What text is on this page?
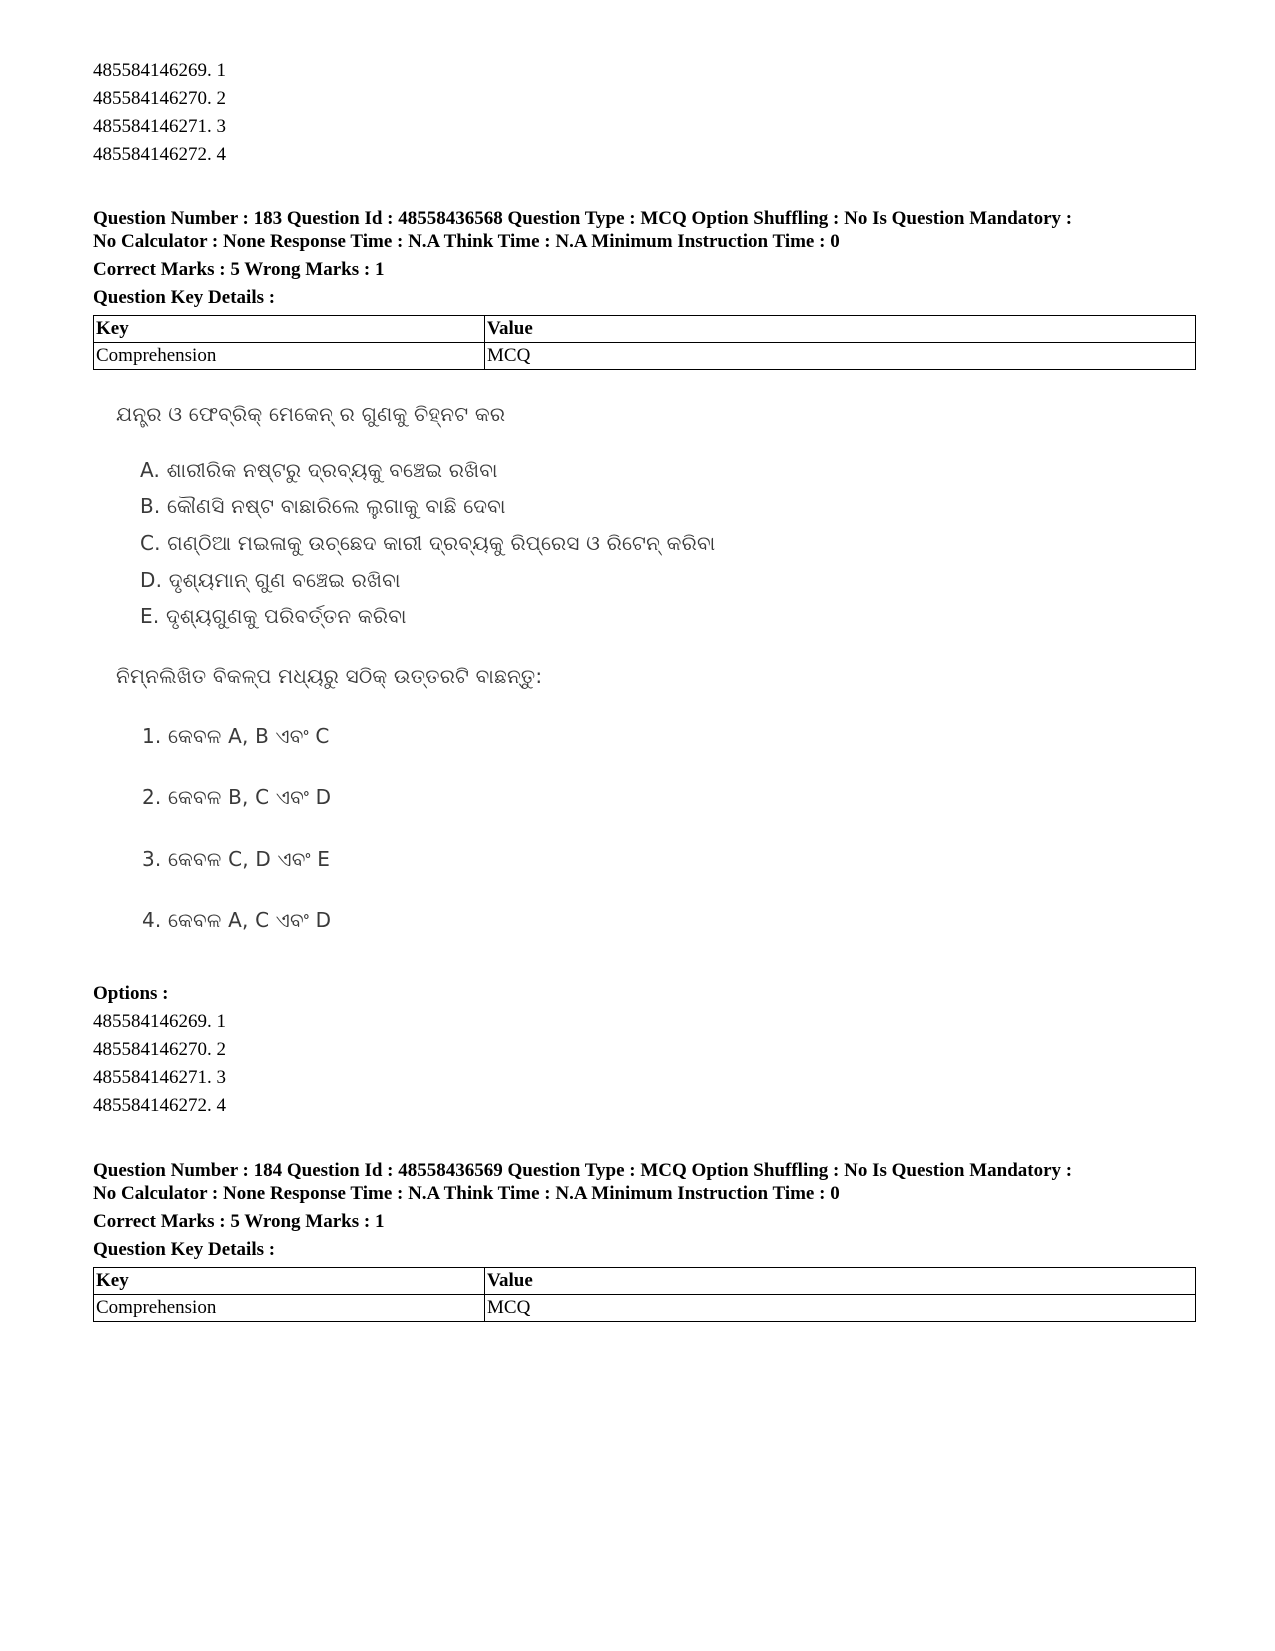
485584146269. 1
485584146270. 2
485584146271. 3
485584146272. 4
Question Number : 183 Question Id : 48558436568 Question Type : MCQ Option Shuffling : No Is Question Mandatory :
No Calculator : None Response Time : N.A Think Time : N.A Minimum Instruction Time : 0
Correct Marks : 5 Wrong Marks : 1
Question Key Details :
Key	Value
Comprehension	MCQ
ଯନ୍ତ୍ର ଓ ଫେବ୍ରିକ୍ ମେକେନ୍ ର ଗୁଣକୁ ଚିହ୍ନଟ କର
A. ଶାରୀରିକ ନଷ୍ଟରୁ ଦ୍ରବ୍ୟକୁ ବଞ୍ଚେଇ ରଖିବା
B. କୌଣସି ନଷ୍ଟ ବାଛାରିଲେ ଲୁଗାକୁ ବାଛି ଦେବା
C. ଗଣ୍ଠିଆ ମଇଳାକୁ ଉଚ୍ଛେଦ କାରୀ ଦ୍ରବ୍ୟକୁ ରିପ୍ରେସ ଓ ରିଟେନ୍ କରିବା
D. ଦୃଶ୍ୟମାନ୍ ଗୁଣ ବଞ୍ଚେଇ ରଖିବା
E. ଦୃଶ୍ୟଗୁଣକୁ ପରିବର୍ତ୍ତନ କରିବା
ନିମ୍ନଲିଖିତ ବିକଳ୍ପ ମଧ୍ୟରୁ ସଠିକ୍ ଉତ୍ତରଟି ବାଛନ୍ତୁ:
1. କେବଳ A, B ଏବଂ C
2. କେବଳ B, C ଏବଂ D
3. କେବଳ C, D ଏବଂ E
4. କେବଳ A, C ଏବଂ D
Options :
485584146269. 1
485584146270. 2
485584146271. 3
485584146272. 4
Question Number : 184 Question Id : 48558436569 Question Type : MCQ Option Shuffling : No Is Question Mandatory :
No Calculator : None Response Time : N.A Think Time : N.A Minimum Instruction Time : 0
Correct Marks : 5 Wrong Marks : 1
Question Key Details :
Key	Value
Comprehension	MCQ
